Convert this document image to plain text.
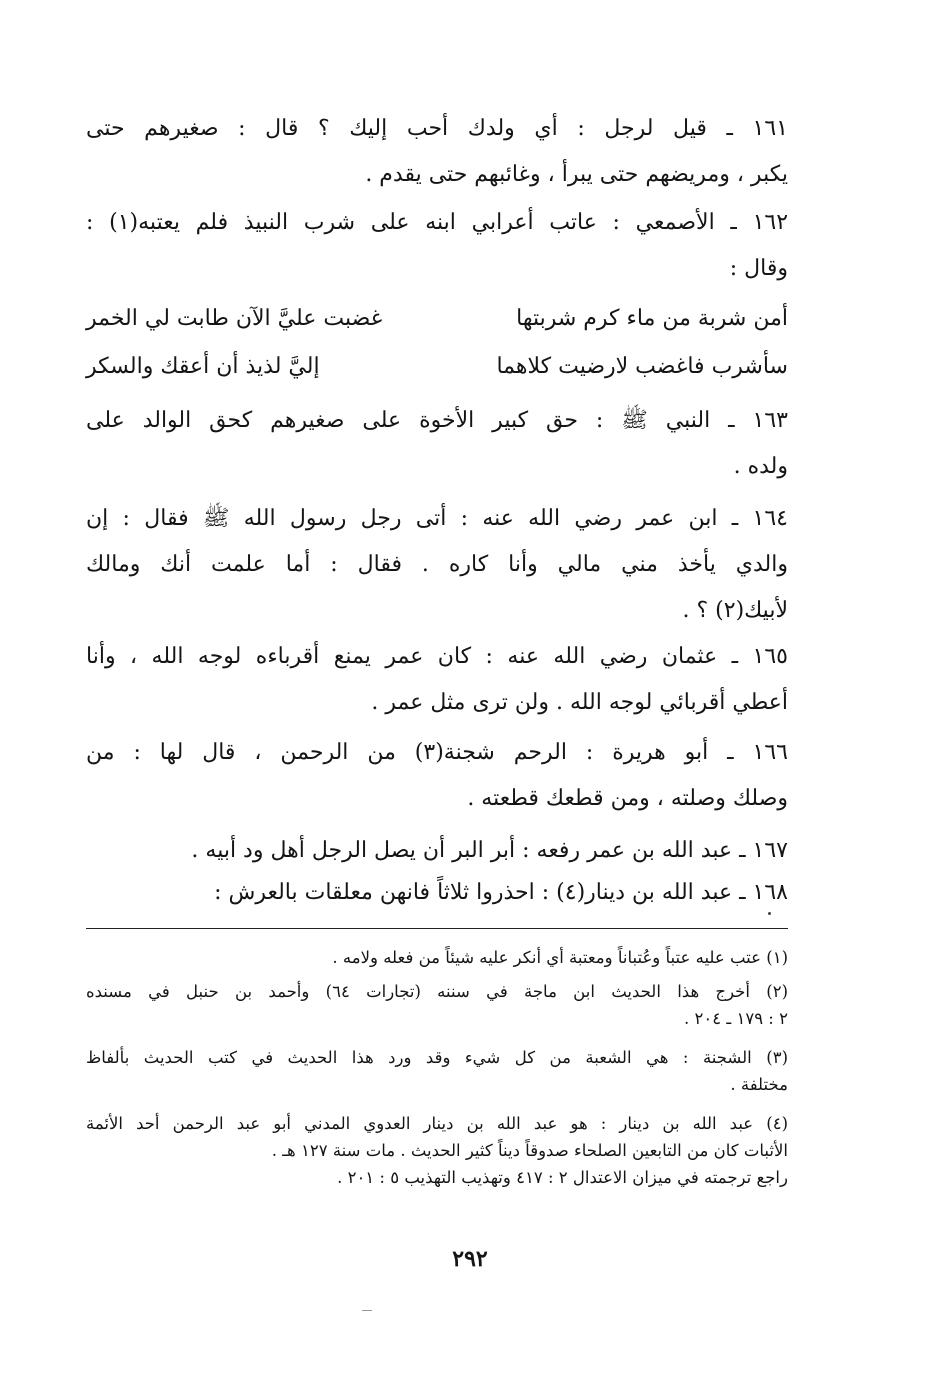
١٦١ ـ قيل لرجل : أي ولدك أحب إليك ؟ قال : صغيرهم حتى
يكبر ، ومريضهم حتى يبرأ ، وغائبهم حتى يقدم .
١٦٢ ـ الأصمعي : عاتب أعرابي ابنه على شرب النبيذ فلم يعتبه(١) :
وقال :
أمن شربة من ماء كرم شربتها
غضبت عليَّ الآن طابت لي الخمر
سأشرب فاغضب لارضيت كلاهما
إليَّ لذيذ أن أعقك والسكر
١٦٣ ـ النبي ﷺ : حق كبير الأخوة على صغيرهم كحق الوالد على
ولده .
١٦٤ ـ ابن عمر رضي الله عنه : أتى رجل رسول الله ﷺ فقال : إن
والدي يأخذ مني مالي وأنا كاره . فقال : أما علمت أنك ومالك
لأبيك(٢) ؟ .
١٦٥ ـ عثمان رضي الله عنه : كان عمر يمنع أقرباءه لوجه الله ، وأنا
أعطي أقربائي لوجه الله . ولن ترى مثل عمر .
١٦٦ ـ أبو هريرة : الرحم شجنة(٣) من الرحمن ، قال لها : من
وصلك وصلته ، ومن قطعك قطعته .
١٦٧ ـ عبد الله بن عمر رفعه : أبر البر أن يصل الرجل أهل ود أبيه .
١٦٨ ـ عبد الله بن دينار(٤) : احذروا ثلاثاً فانهن معلقات بالعرش :
(١) عتب عليه عتباً وعُتباناً ومعتبة أي أنكر عليه شيئاً من فعله ولامه .
(٢) أخرج هذا الحديث ابن ماجة في سننه (تجارات ٦٤) وأحمد بن حنبل في مسنده
٢ : ١٧٩ ـ ٢٠٤ .
(٣) الشجنة : هي الشعبة من كل شيء وقد ورد هذا الحديث في كتب الحديث بألفاظ
مختلفة .
(٤) عبد الله بن دينار : هو عبد الله بن دينار العدوي المدني أبو عبد الرحمن أحد الأئمة
الأثبات كان من التابعين الصلحاء صدوقاً ديناً كثير الحديث . مات سنة ١٢٧ هـ .
راجع ترجمته في ميزان الاعتدال ٢ : ٤١٧ وتهذيب التهذيب ٥ : ٢٠١ .
٢٩٢
